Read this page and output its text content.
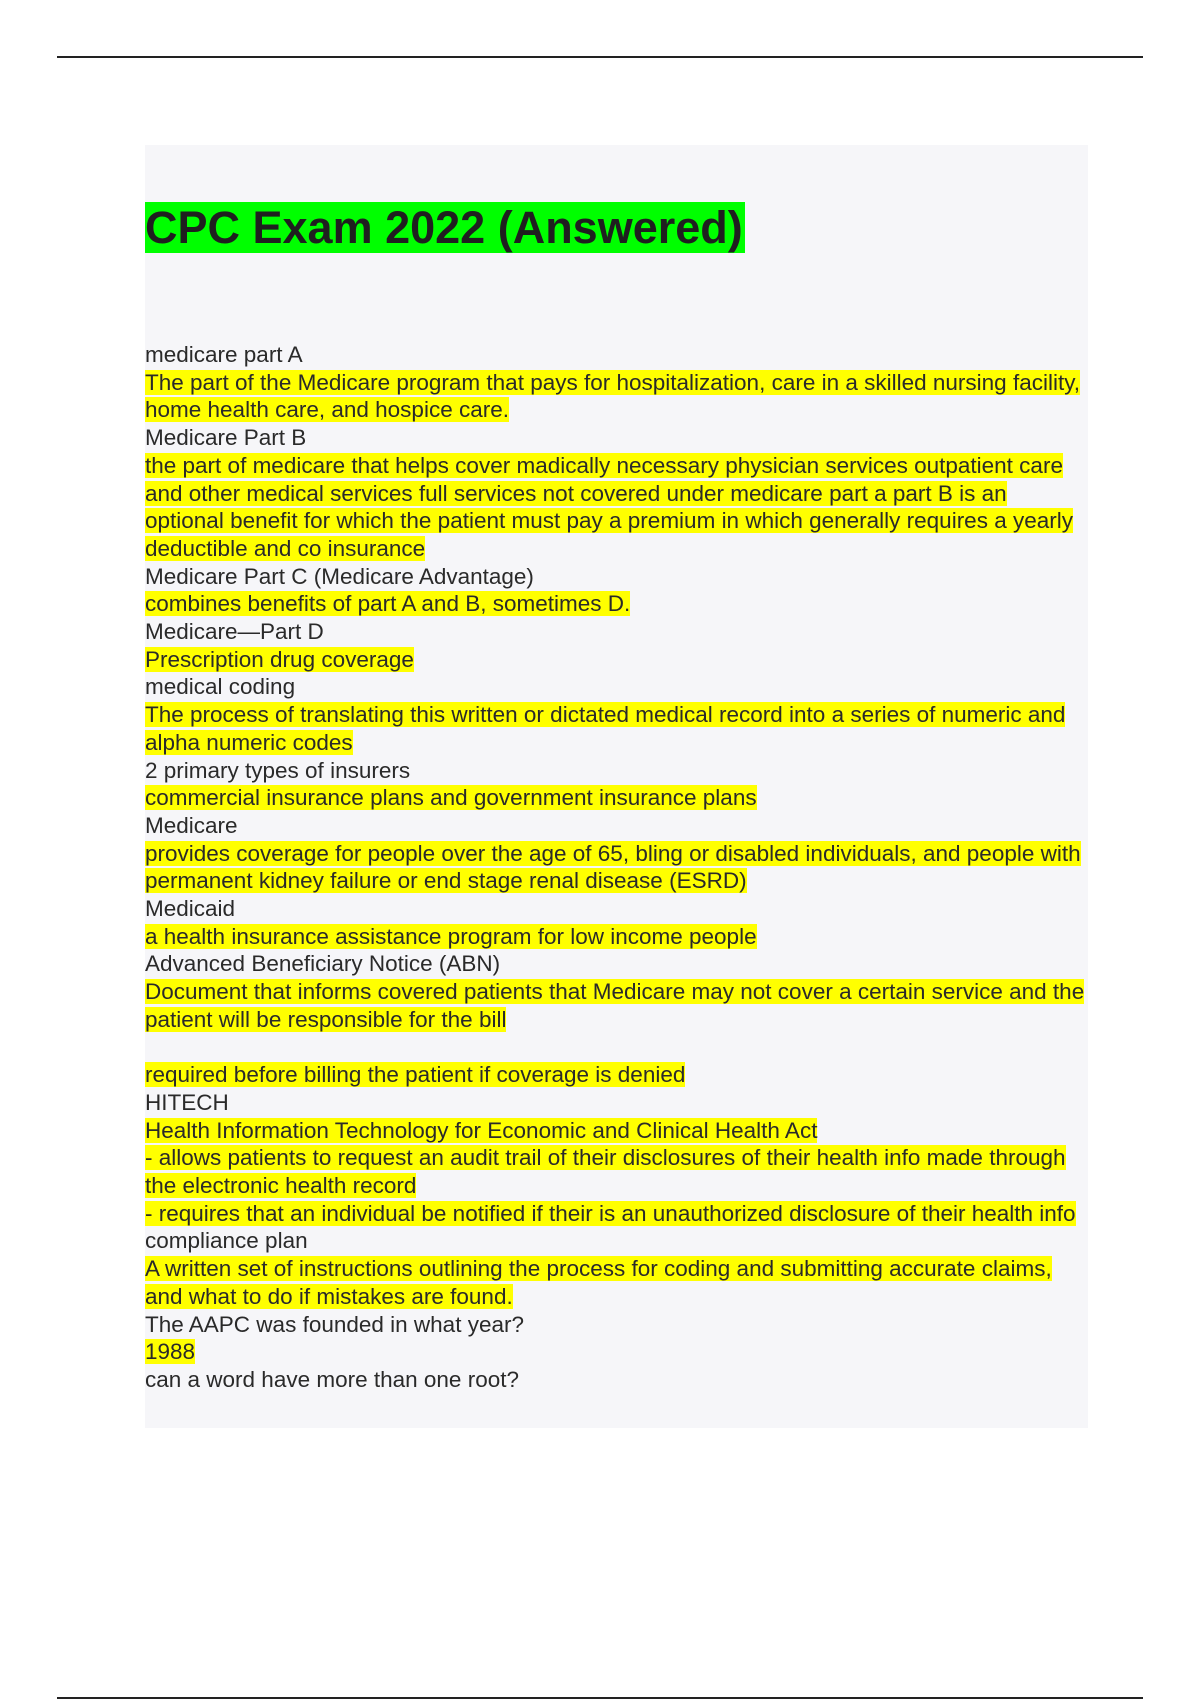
CPC Exam 2022 (Answered)
medicare part A
The part of the Medicare program that pays for hospitalization, care in a skilled nursing facility, home health care, and hospice care.
Medicare Part B
the part of medicare that helps cover madically necessary physician services outpatient care and other medical services full services not covered under medicare part a part B is an optional benefit for which the patient must pay a premium in which generally requires a yearly deductible and co insurance
Medicare Part C (Medicare Advantage)
combines benefits of part A and B, sometimes D.
Medicare—Part D
Prescription drug coverage
medical coding
The process of translating this written or dictated medical record into a series of numeric and alpha numeric codes
2 primary types of insurers
commercial insurance plans and government insurance plans
Medicare
provides coverage for people over the age of 65, bling or disabled individuals, and people with permanent kidney failure or end stage renal disease (ESRD)
Medicaid
a health insurance assistance program for low income people
Advanced Beneficiary Notice (ABN)
Document that informs covered patients that Medicare may not cover a certain service and the patient will be responsible for the bill
required before billing the patient if coverage is denied
HITECH
Health Information Technology for Economic and Clinical Health Act
- allows patients to request an audit trail of their disclosures of their health info made through the electronic health record
- requires that an individual be notified if their is an unauthorized disclosure of their health info
compliance plan
A written set of instructions outlining the process for coding and submitting accurate claims, and what to do if mistakes are found.
The AAPC was founded in what year?
1988
can a word have more than one root?
